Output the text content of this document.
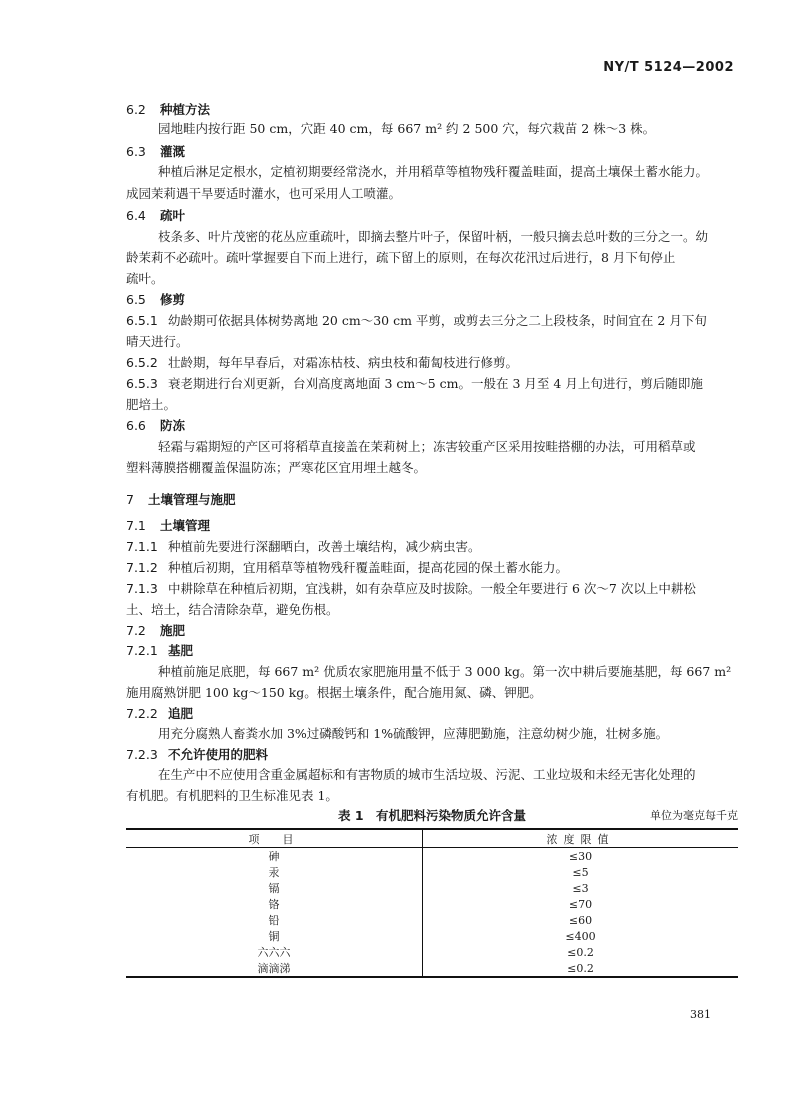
NY/T 5124—2002
6.2 种植方法
园地畦内按行距 50 cm，穴距 40 cm，每 667 m² 约 2 500 穴，每穴栽苗 2 株～3 株。
6.3 灌溉
种植后淋足定根水，定植初期要经常浇水，并用稻草等植物残秆覆盖畦面，提高土壤保土蓄水能力。
成园茉莉遇干旱要适时灌水，也可采用人工喷灌。
6.4 疏叶
枝条多、叶片茂密的花丛应重疏叶，即摘去整片叶子，保留叶柄，一般只摘去总叶数的三分之一。幼
龄茉莉不必疏叶。疏叶掌握要自下而上进行，疏下留上的原则，在每次花汛过后进行，8 月下旬停止
疏叶。
6.5 修剪
6.5.1 幼龄期可依据具体树势离地 20 cm～30 cm 平剪，或剪去三分之二上段枝条，时间宜在 2 月下旬
晴天进行。
6.5.2 壮龄期，每年早春后，对霜冻枯枝、病虫枝和葡匐枝进行修剪。
6.5.3 衰老期进行台刈更新，台刈高度离地面 3 cm～5 cm。一般在 3 月至 4 月上旬进行，剪后随即施
肥培土。
6.6 防冻
轻霜与霜期短的产区可将稻草直接盖在茉莉树上；冻害较重产区采用按畦搭棚的办法，可用稻草或
塑料薄膜搭棚覆盖保温防冻；严寒花区宜用埋土越冬。
7 土壤管理与施肥
7.1 土壤管理
7.1.1 种植前先要进行深翻晒白，改善土壤结构，减少病虫害。
7.1.2 种植后初期，宜用稻草等植物残秆覆盖畦面，提高花园的保土蓄水能力。
7.1.3 中耕除草在种植后初期，宜浅耕，如有杂草应及时拔除。一般全年要进行 6 次～7 次以上中耕松
土、培土，结合清除杂草，避免伤根。
7.2 施肥
7.2.1 基肥
种植前施足底肥，每 667 m² 优质农家肥施用量不低于 3 000 kg。第一次中耕后要施基肥，每 667 m²
施用腐熟饼肥 100 kg～150 kg。根据土壤条件，配合施用氮、磷、钾肥。
7.2.2 追肥
用充分腐熟人畜粪水加 3%过磷酸钙和 1%硫酸钾，应薄肥勤施，注意幼树少施，壮树多施。
7.2.3 不允许使用的肥料
在生产中不应使用含重金属超标和有害物质的城市生活垃圾、污泥、工业垃圾和未经无害化处理的
有机肥。有机肥料的卫生标准见表 1。
表 1　有机肥料污染物质允许含量	单位为毫克每千克
项　目	浓度限值
砷	≤30
汞	≤5
镉	≤3
铬	≤70
铅	≤60
铜	≤400
六六六	≤0.2
滴滴涕	≤0.2
381
